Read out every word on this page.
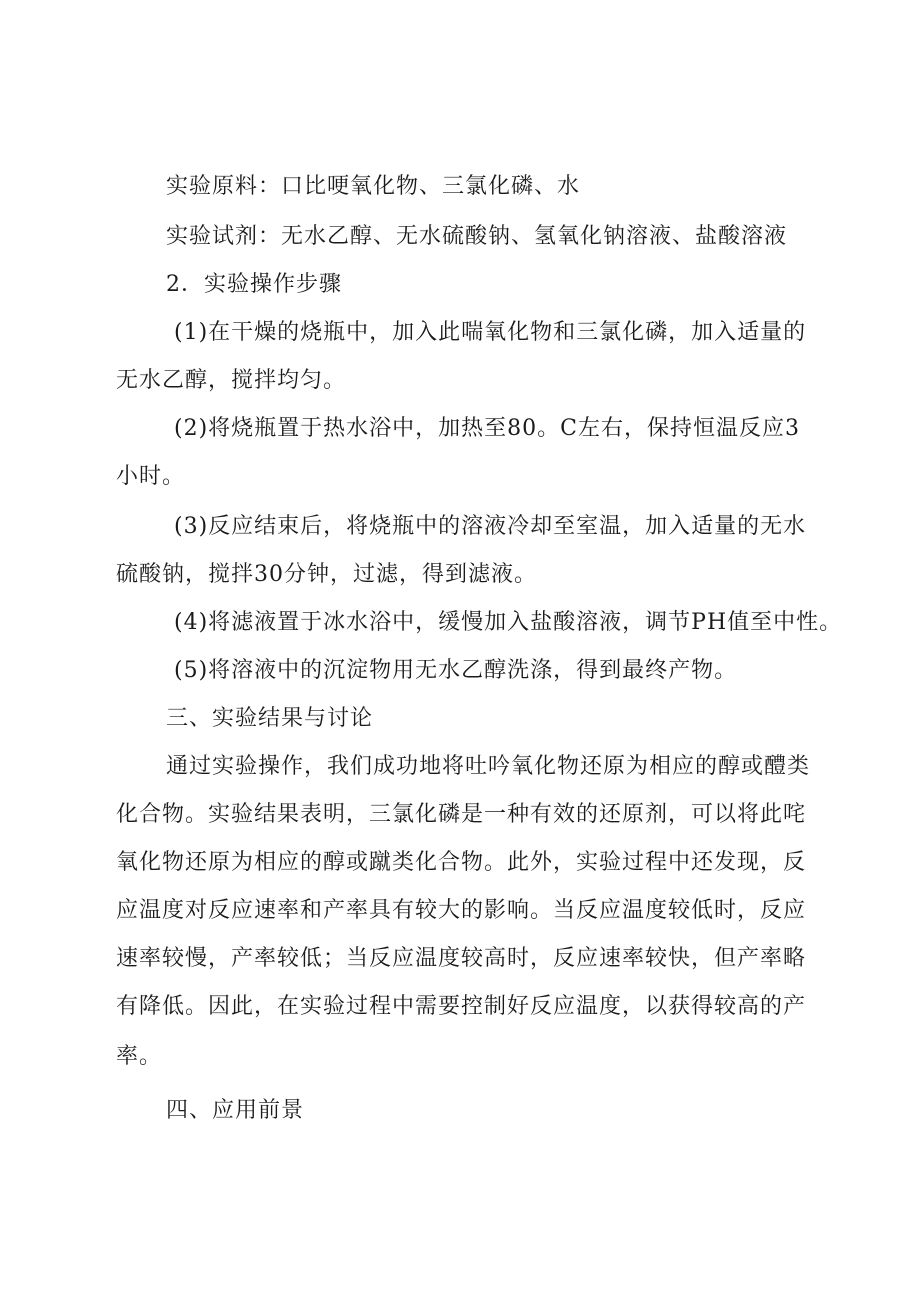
实验原料：口比哽氧化物、三氯化磷、水
实验试剂：无水乙醇、无水硫酸钠、氢氧化钠溶液、盐酸溶液
2．实验操作步骤
(1)在干燥的烧瓶中，加入此喘氧化物和三氯化磷，加入适量的
无水乙醇，搅拌均匀。
(2)将烧瓶置于热水浴中，加热至80。C左右，保持恒温反应3
小时。
(3)反应结束后，将烧瓶中的溶液冷却至室温，加入适量的无水
硫酸钠，搅拌30分钟，过滤，得到滤液。
(4)将滤液置于冰水浴中，缓慢加入盐酸溶液，调节PH值至中性。
(5)将溶液中的沉淀物用无水乙醇洗涤，得到最终产物。
三、实验结果与讨论
通过实验操作，我们成功地将吐吟氧化物还原为相应的醇或醴类
化合物。实验结果表明，三氯化磷是一种有效的还原剂，可以将此咤
氧化物还原为相应的醇或蹴类化合物。此外，实验过程中还发现，反
应温度对反应速率和产率具有较大的影响。当反应温度较低时，反应
速率较慢，产率较低；当反应温度较高时，反应速率较快，但产率略
有降低。因此，在实验过程中需要控制好反应温度，以获得较高的产
率。
四、应用前景
